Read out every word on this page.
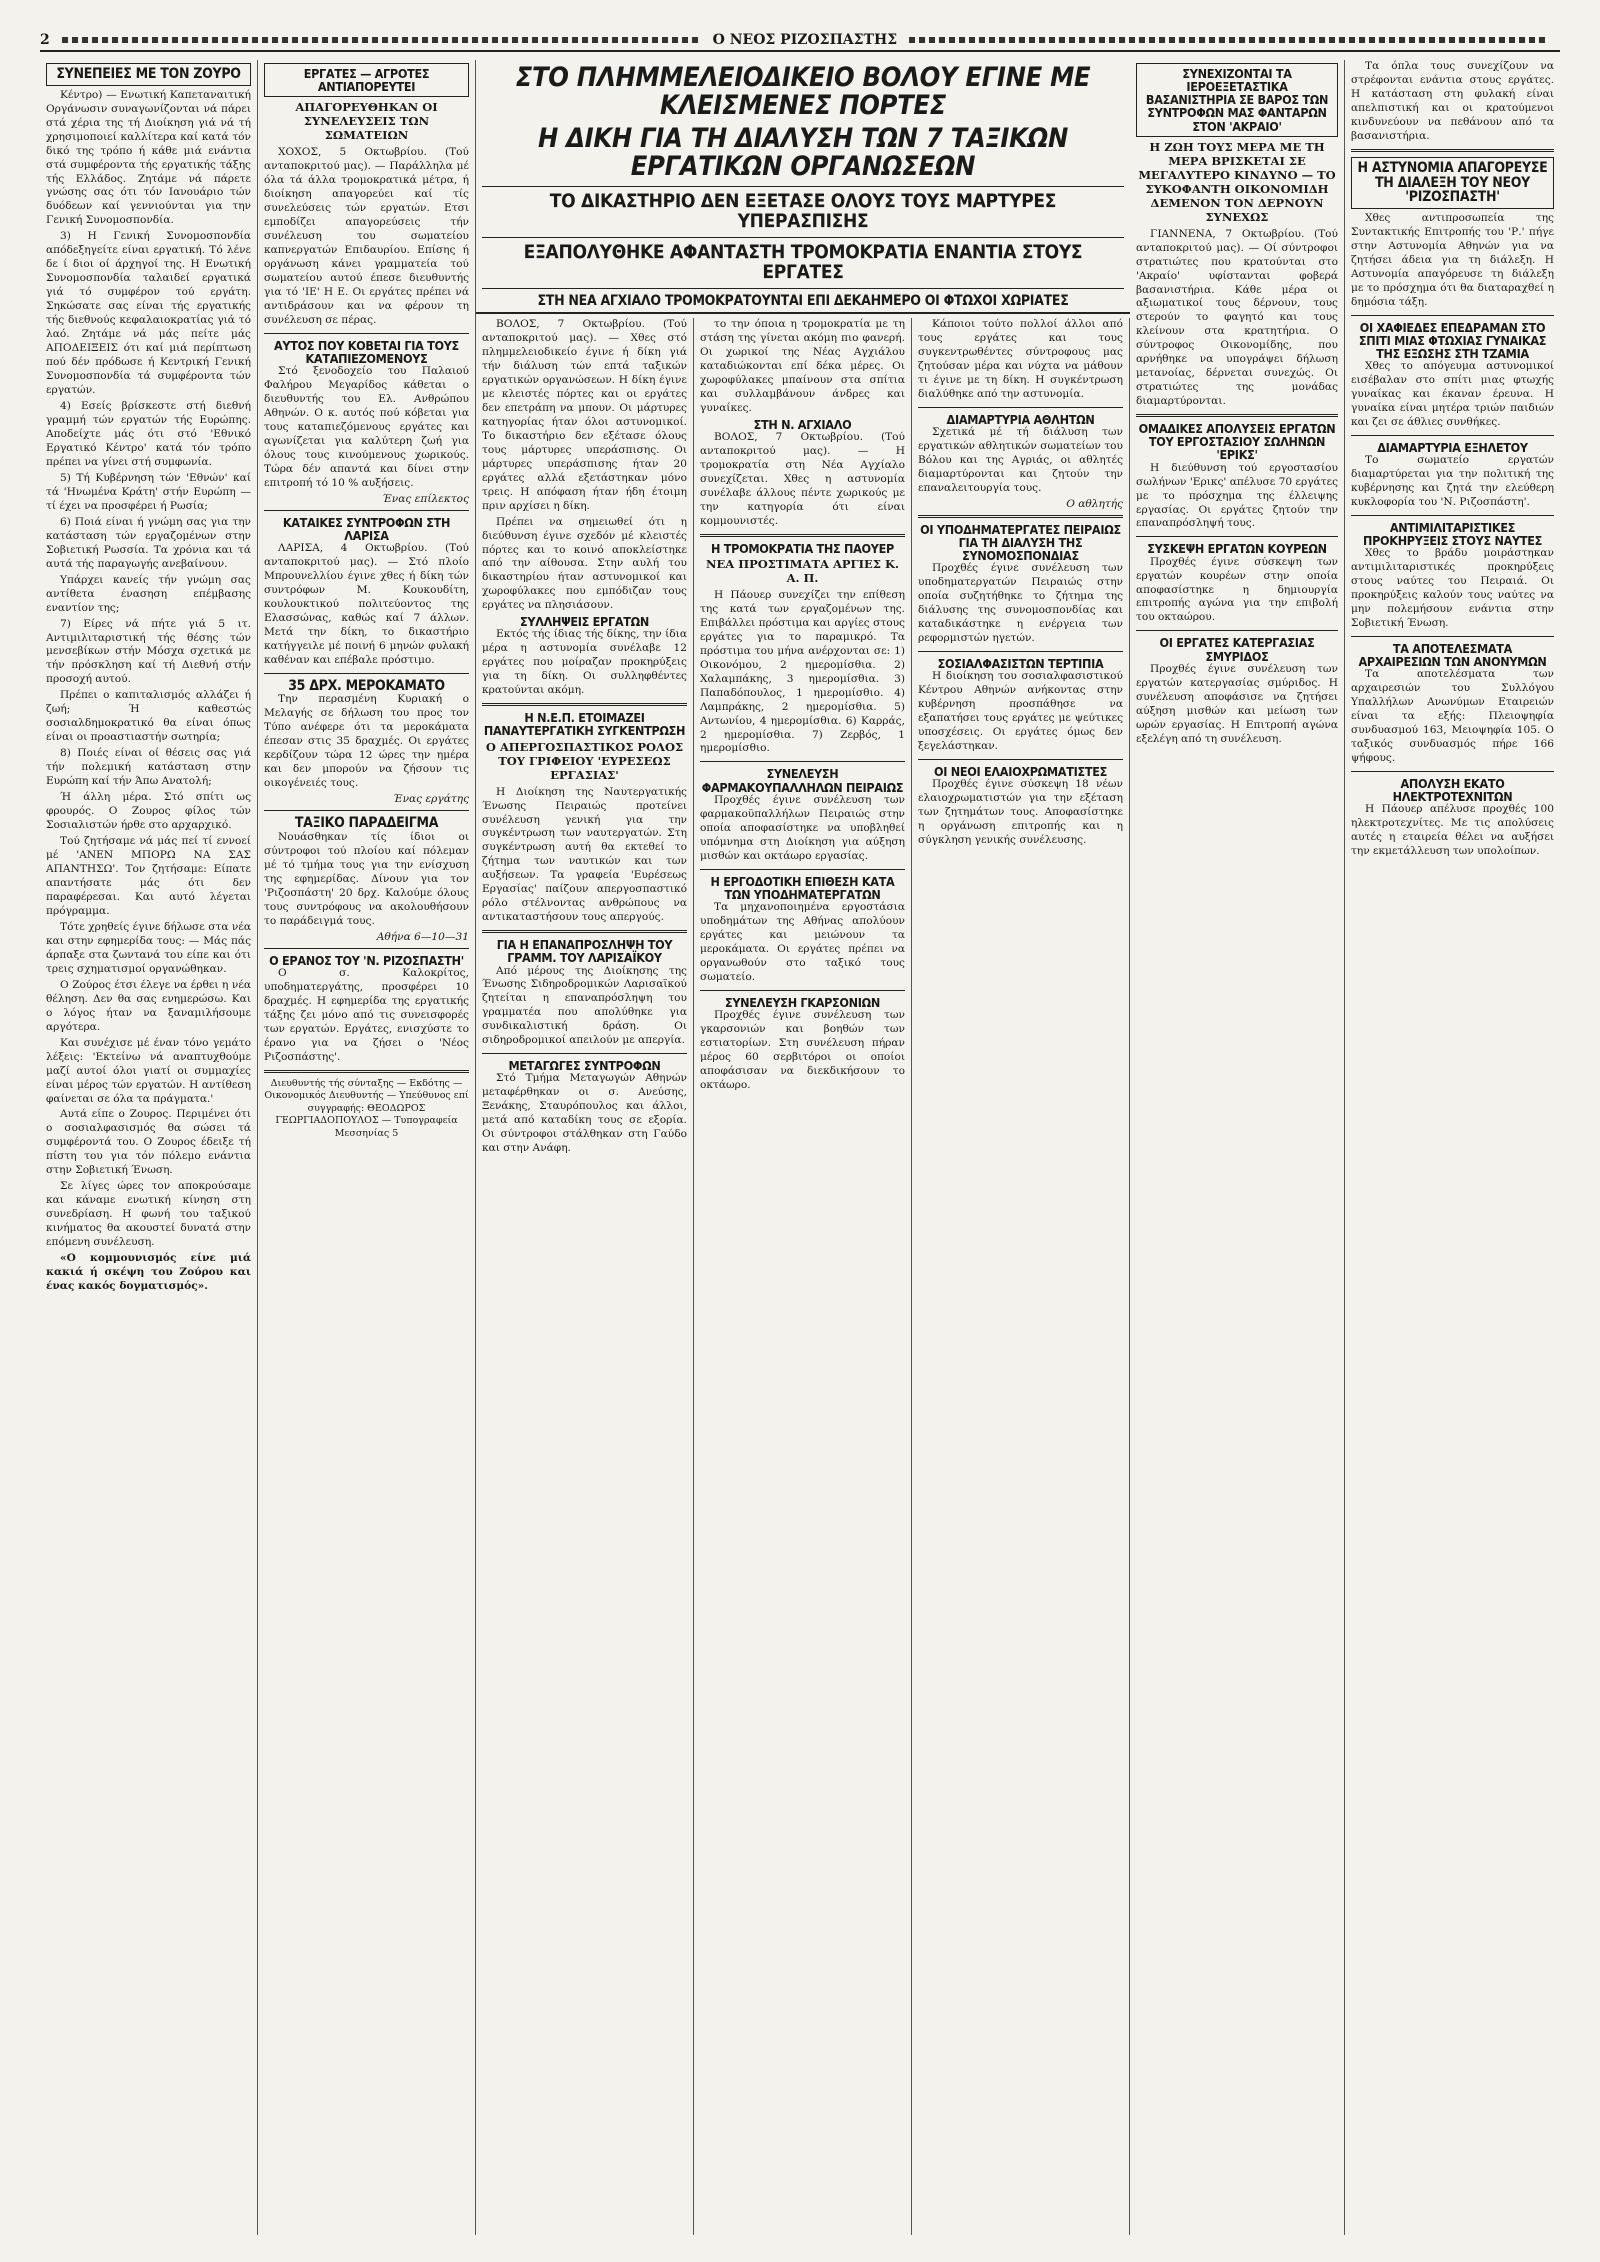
2	Ο ΝΕΟΣ ΡΙΖΟΣΠΑΣΤΗΣ
ΣΥΝΕΠΕΙΕΣ ΜΕ ΤΟΝ ΖΟΥΡΟ

Κέντρο) — Ενωτική Καπεταναιτική Οργάνωσιν συναγωνίζονται νά πάρει στά χέρια της τή Διοίκηση γιά νά τή χρησιμοποιεί καλλίτερα καί κατά τόν δικό της τρόπο ή κάθε μιά ενάντια στά συμφέροντα τής εργατικής τάξης τής Ελλάδος. Ζητάμε νά πάρετε γνώσης σας ότι τόν Ιανουάριο τών δυόδεων καί γεννιούνται για την Γενική Συνομοσπονδία.

3) Η Γενική Συνομοσπονδία απόδεξηγείτε είναι εργατική. Τό λένε δε ί διοι οί άρχηγοί της. Η Ενωτική Συνομοσπονδία ταλαιδεί εργατικά γιά τό συμφέρον τού εργάτη. Σηκώσατε σας είναι τής εργατικής τής διεθνούς κεφαλαιοκρατίας γιά τό λαό. Ζητάμε νά μάς πείτε μάς ΑΠΟΔΕΙΞΕΙΣ ότι καί μιά περίπτωση πού δέν πρόδωσε ή Κεντρική Γενική Συνομοσπονδία τά συμφέροντα τών εργατών.

4) Εσείς βρίσκεστε στή διεθνή γραμμή τών εργατών τής Ευρώπης. Αποδείχτε μάς ότι στό 'Εθνικό Εργατικό Κέντρο' κατά τόν τρόπο πρέπει να γίνει στή συμφωνία.

5) Τή Κυβέρνηση τών 'Εθνών' καί τά 'Ηνωμένα Κράτη' στήν Ευρώπη — τί έχει να προσφέρει ή Ρωσία;

6) Ποιά είναι ή γνώμη σας για την κατάσταση τών εργαζομένων στην Σοβιετική Ρωσσία. Τα χρόνια και τά αυτά τής παραγωγής ανεβαίνουν.

Υπάρχει κανείς τήν γνώμη σας αντίθετα ένασηση επέμβασης εναντίον της;

7) Είρες νά πήτε γιά 5 ιτ. Αντιμιλιταριστική τής θέσης τών μενσεβίκων στήν Μόσχα σχετικά με τήν πρόσκληση καί τή Διεθνή στήν προσοχή αυτού.

Πρέπει ο καπιταλισμός αλλάζει ή ζωή; Ή καθεστώς σοσιαλδημοκρατικό θα είναι όπως είναι οι προαστιαστήν σωτηρία;

8) Ποιές είναι οί θέσεις σας γιά τήν πολεμική κατάσταση στην Ευρώπη καί τήν Άπω Ανατολή;

Ή άλλη μέρα. Στό σπίτι ως φρουρός. Ο Ζουρος φίλος τών Σοσιαλιστών ήρθε στο αρχαρχικό.

Τού ζητήσαμε νά μάς πεί τί εννοεί μέ 'ΑΝΕΝ ΜΠΟΡΩ ΝΑ ΣΑΣ ΑΠΑΝΤΗΣΩ'. Τον ζητήσαμε: Είπατε απαντήσατε μάς ότι δεν παραφέρεσαι. Και αυτό λέγεται πρόγραμμα.

Τότε χρηθείς έγινε δήλωσε στα νέα και στην εφημερίδα τους: — Μάς πάς άρπαξε στα ζωντανά του είπε και ότι τρεις σχηματισμοί οργανώθηκαν.

Ο Ζούρος έτσι έλεγε να έρθει η νέα θέληση. Δεν θα σας ενημερώσω. Και ο λόγος ήταν να ξαναμιλήσουμε αργότερα.

Και συνέχισε μέ έναν τόνο γεμάτο λέξεις: 'Εκτείνω νά αναπτυχθούμε μαζί αυτοί όλοι γιατί οι συμμαχίες είναι μέρος τών εργατών. Η αντίθεση φαίνεται σε όλα τα πράγματα.'

Αυτά είπε ο Ζουρος. Περιμένει ότι ο σοσιαλφασισμός θα σώσει τά συμφέροντά του. Ο Ζουρος έδειξε τή πίστη του για τόν πόλεμο ενάντια στην Σοβιετική Ένωση.

Σε λίγες ώρες τον αποκρούσαμε και κάναμε ενωτική κίνηση στη συνεδρίαση. Η φωνή του ταξικού κινήματος θα ακουστεί δυνατά στην επόμενη συνέλευση.

«Ο κομμουνισμός είνε μιά κακιά ή σκέψη του Ζούρου και ένας κακός δογματισμός».

ΕΡΓΑΤΕΣ — ΑΓΡΟΤΕΣ ΑΝΤΙΑΠΟΡΕΥΤΕΙ
ΑΠΑΓΟΡΕΥΘΗΚΑΝ ΟΙ ΣΥΝΕΛΕΥΣΕΙΣ ΤΩΝ ΣΩΜΑΤΕΙΩΝ

ΧΟΧΟΣ, 5 Οκτωβρίου. (Τού ανταποκριτού μας). — Παράλληλα μέ όλα τά άλλα τρομοκρατικά μέτρα, ή διοίκηση απαγορεύει καί τίς συνελεύσεις τών εργατών. Ετσι εμποδίζει απαγορεύσεις τήν συνέλευση του σωματείου καπνεργατών Επιδαυρίου. Επίσης ή οργάνωση κάνει γραμματεία τού σωματείου αυτού έπεσε διευθυντής για τό 'ΙΕ' Η Ε. Οι εργάτες πρέπει νά αντιδράσουν και να φέρουν τη συνέλευση σε πέρας.

ΑΥΤΟΣ ΠΟΥ ΚΟΒΕΤΑΙ ΓΙΑ ΤΟΥΣ ΚΑΤΑΠΙΕΖΟΜΕΝΟΥΣ

Στό ξενοδοχείο του Παλαιού Φαλήρου Μεγαρίδος κάθεται ο διευθυντής του Ελ. Ανθρώπου Αθηνών. Ο κ. αυτός πού κόβεται για τους καταπιεζόμενους εργάτες και αγωνίζεται για καλύτερη ζωή για όλους τους κινούμενους χωρικούς. Τώρα δέν απαντά και δίνει στην επιτροπή τό 10 % αυξήσεις.

Ένας επίλεκτος
ΚΑΤΑΙΚΕΣ ΣΥΝΤΡΟΦΩΝ ΣΤΗ ΛΑΡΙΣΑ

ΛΑΡΙΣΑ, 4 Οκτωβρίου. (Τού ανταποκριτού μας). — Στό πλοίο Μπρουνελλίου έγινε χθες ή δίκη τών συντρόφων Μ. Κουκουδίτη, κουλουκτικού πολιτεύοντος της Ελασσώνας, καθώς καί 7 άλλων. Μετά την δίκη, το δικαστήριο κατήγγειλε μέ ποινή 6 μηνών φυλακή καθέναν και επέβαλε πρόστιμο.

35 ΔΡΧ. ΜΕΡΟΚΑΜΑΤΟ

Την περασμένη Κυριακή ο Μελαγής σε δήλωση του προς τον Τύπο ανέφερε ότι τα μεροκάματα έπεσαν στις 35 δραχμές. Οι εργάτες κερδίζουν τώρα 12 ώρες την ημέρα και δεν μπορούν να ζήσουν τις οικογένειές τους.

Ένας εργάτης
ΤΑΞΙΚΟ ΠΑΡΑΔΕΙΓΜΑ

Νουάσθηκαν τίς ίδιοι οι σύντροφοι τού πλοίου καί πόλεμαν μέ τό τμήμα τους για την ενίσχυση της εφημερίδας. Δίνουν για τον 'Ριζοσπάστη' 20 δρχ. Καλούμε όλους τους συντρόφους να ακολουθήσουν το παράδειγμά τους.

Αθήνα 6—10—31
Ο ΕΡΑΝΟΣ ΤΟΥ 'Ν. ΡΙΖΟΣΠΑΣΤΗ'

Ο σ. Καλοκρίτος, υποδηματεργάτης, προσφέρει 10 δραχμές. Η εφημερίδα της εργατικής τάξης ζει μόνο από τις συνεισφορές των εργατών. Εργάτες, ενισχύστε το έρανο για να ζήσει ο 'Νέος Ριζοσπάστης'.

Διευθυντής τής σύνταξης — Εκδότης — Οικονομικός Διευθυντής — Υπεύθυνος επί συγγραφής: ΘΕΟΔΩΡΟΣ ΓΕΩΡΓΙΑΔΟΠΟΥΛΟΣ — Τυπογραφεία Μεσσηνίας 5
ΣΤΟ ΠΛΗΜΜΕΛΕΙΟΔΙΚΕΙΟ ΒΟΛΟΥ ΕΓΙΝΕ ΜΕ ΚΛΕΙΣΜΕΝΕΣ ΠΟΡΤΕΣ
Η ΔΙΚΗ ΓΙΑ ΤΗ ΔΙΑΛΥΣΗ ΤΩΝ 7 ΤΑΞΙΚΩΝ ΕΡΓΑΤΙΚΩΝ ΟΡΓΑΝΩΣΕΩΝ
ΤΟ ΔΙΚΑΣΤΗΡΙΟ ΔΕΝ ΕΞΕΤΑΣΕ ΟΛΟΥΣ ΤΟΥΣ ΜΑΡΤΥΡΕΣ ΥΠΕΡΑΣΠΙΣΗΣ
ΕΞΑΠΟΛΥΘΗΚΕ ΑΦΑΝΤΑΣΤΗ ΤΡΟΜΟΚΡΑΤΙΑ ΕΝΑΝΤΙΑ ΣΤΟΥΣ ΕΡΓΑΤΕΣ
ΣΤΗ ΝΕΑ ΑΓΧΙΑΛΟ ΤΡΟΜΟΚΡΑΤΟΥΝΤΑΙ ΕΠΙ ΔΕΚΑΗΜΕΡΟ ΟΙ ΦΤΩΧΟΙ ΧΩΡΙΑΤΕΣ

ΒΟΛΟΣ, 7 Οκτωβρίου. (Τού ανταποκριτού μας). — Χθες στό πλημμελειοδικείο έγινε ή δίκη γιά τήν διάλυση τών επτά ταξικών εργατικών οργανώσεων. Η δίκη έγινε με κλειστές πόρτες και οι εργάτες δεν επετράπη να μπουν. Οι μάρτυρες κατηγορίας ήταν όλοι αστυνομικοί. Το δικαστήριο δεν εξέτασε όλους τους μάρτυρες υπεράσπισης. Οι μάρτυρες υπεράσπισης ήταν 20 εργάτες αλλά εξετάστηκαν μόνο τρεις. Η απόφαση ήταν ήδη έτοιμη πριν αρχίσει η δίκη.

Πρέπει να σημειωθεί ότι η διεύθυνση έγινε σχεδόν μέ κλειστές πόρτες και το κοινό αποκλείστηκε από την αίθουσα. Στην αυλή του δικαστηρίου ήταν αστυνομικοί και χωροφύλακες που εμπόδιζαν τους εργάτες να πλησιάσουν.

ΣΥΛΛΗΨΕΙΣ ΕΡΓΑΤΩΝ

Εκτός τής ίδιας τής δίκης, την ίδια μέρα η αστυνομία συνέλαβε 12 εργάτες που μοίραζαν προκηρύξεις για τη δίκη. Οι συλληφθέντες κρατούνται ακόμη.

Η Ν.Ε.Π. ΕΤΟΙΜΑΖΕΙ ΠΑΝΑΥΤΕΡΓΑΤΙΚΗ ΣΥΓΚΕΝΤΡΩΣΗ
Ο ΑΠΕΡΓΟΣΠΑΣΤΙΚΟΣ ΡΟΛΟΣ ΤΟΥ ΓΡΙΦΕΙΟΥ 'ΕΥΡΕΣΕΩΣ ΕΡΓΑΣΙΑΣ'

Η Διοίκηση της Ναυτεργατικής Ένωσης Πειραιώς προτείνει συνέλευση γενική για την συγκέντρωση των ναυτεργατών. Στη συγκέντρωση αυτή θα εκτεθεί το ζήτημα των ναυτικών και των αυξήσεων. Τα γραφεία 'Ευρέσεως Εργασίας' παίζουν απεργοσπαστικό ρόλο στέλνοντας ανθρώπους να αντικαταστήσουν τους απεργούς.

ΓΙΑ Η ΕΠΑΝΑΠΡΟΣΛΗΨΗ ΤΟΥ ΓΡΑΜΜ. ΤΟΥ ΛΑΡΙΣΑΪΚΟΥ

Από μέρους της Διοίκησης της Ένωσης Σιδηροδρομικών Λαρισαϊκού ζητείται η επαναπρόσληψη του γραμματέα που απολύθηκε για συνδικαλιστική δράση. Οι σιδηροδρομικοί απειλούν με απεργία.

ΜΕΤΑΓΩΓΕΣ ΣΥΝΤΡΟΦΩΝ

Στό Τμήμα Μεταγωγών Αθηνών μεταφέρθηκαν οι σ. Ανεύσης, Ξενάκης, Σταυρόπουλος και άλλοι, μετά από καταδίκη τους σε εξορία. Οι σύντροφοι στάλθηκαν στη Γαύδο και στην Ανάφη.

το την όποια η τρομοκρατία με τη στάση της γίνεται ακόμη πιο φανερή. Οι χωρικοί της Νέας Αγχιάλου καταδιώκονται επί δέκα μέρες. Οι χωροφύλακες μπαίνουν στα σπίτια και συλλαμβάνουν άνδρες και γυναίκες.

ΣΤΗ Ν. ΑΓΧΙΑΛΟ

ΒΟΛΟΣ, 7 Οκτωβρίου. (Τού ανταποκριτού μας). — Η τρομοκρατία στη Νέα Αγχίαλο συνεχίζεται. Χθες η αστυνομία συνέλαβε άλλους πέντε χωρικούς με την κατηγορία ότι είναι κομμουνιστές.

Η ΤΡΟΜΟΚΡΑΤΙΑ ΤΗΣ ΠΑΟΥΕΡ
ΝΕΑ ΠΡΟΣΤΙΜΑΤΑ ΑΡΓΙΕΣ Κ. Α. Π.

Η Πάουερ συνεχίζει την επίθεση της κατά των εργαζομένων της. Επιβάλλει πρόστιμα και αργίες στους εργάτες για το παραμικρό. Τα πρόστιμα του μήνα ανέρχονται σε: 1) Οικονόμου, 2 ημερομίσθια. 2) Χαλαμπάκης, 3 ημερομίσθια. 3) Παπαδόπουλος, 1 ημερομίσθιο. 4) Λαμπράκης, 2 ημερομίσθια. 5) Αντωνίου, 4 ημερομίσθια. 6) Καρράς, 2 ημερομίσθια. 7) Ζερβός, 1 ημερομίσθιο.

ΣΥΝΕΛΕΥΣΗ ΦΑΡΜΑΚΟΥΠΑΛΛΗΛΩΝ ΠΕΙΡΑΙΩΣ

Προχθές έγινε συνέλευση των φαρμακοϋπαλλήλων Πειραιώς στην οποία αποφασίστηκε να υποβληθεί υπόμνημα στη Διοίκηση για αύξηση μισθών και οκτάωρο εργασίας.

Η ΕΡΓΟΔΟΤΙΚΗ ΕΠΙΘΕΣΗ ΚΑΤΑ ΤΩΝ ΥΠΟΔΗΜΑΤΕΡΓΑΤΩΝ

Τα μηχανοποιημένα εργοστάσια υποδημάτων της Αθήνας απολύουν εργάτες και μειώνουν τα μεροκάματα. Οι εργάτες πρέπει να οργανωθούν στο ταξικό τους σωματείο.

ΣΥΝΕΛΕΥΣΗ ΓΚΑΡΣΟΝΙΩΝ

Προχθές έγινε συνέλευση των γκαρσονιών και βοηθών των εστιατορίων. Στη συνέλευση πήραν μέρος 60 σερβιτόροι οι οποίοι αποφάσισαν να διεκδικήσουν το οκτάωρο.

Κάποιοι τούτο πολλοί άλλοι από τους εργάτες και τους συγκεντρωθέντες σύντροφους μας ζητούσαν μέρα και νύχτα να μάθουν τι έγινε με τη δίκη. Η συγκέντρωση διαλύθηκε από την αστυνομία.

ΔΙΑΜΑΡΤΥΡΙΑ ΑΘΛΗΤΩΝ

Σχετικά μέ τή διάλυση των εργατικών αθλητικών σωματείων του Βόλου και της Αγριάς, οι αθλητές διαμαρτύρονται και ζητούν την επαναλειτουργία τους.

Ο αθλητής
ΟΙ ΥΠΟΔΗΜΑΤΕΡΓΑΤΕΣ ΠΕΙΡΑΙΩΣ ΓΙΑ ΤΗ ΔΙΑΛΥΣΗ ΤΗΣ ΣΥΝΟΜΟΣΠΟΝΔΙΑΣ

Προχθές έγινε συνέλευση των υποδηματεργατών Πειραιώς στην οποία συζητήθηκε το ζήτημα της διάλυσης της συνομοσπονδίας και καταδικάστηκε η ενέργεια των ρεφορμιστών ηγετών.

ΣΟΣΙΑΛΦΑΣΙΣΤΩΝ ΤΕΡΤΙΠΙΑ

Η διοίκηση του σοσιαλφασιστικού Κέντρου Αθηνών ανήκοντας στην κυβέρνηση προσπάθησε να εξαπατήσει τους εργάτες με ψεύτικες υποσχέσεις. Οι εργάτες όμως δεν ξεγελάστηκαν.

ΟΙ ΝΕΟΙ ΕΛΑΙΟΧΡΩΜΑΤΙΣΤΕΣ

Προχθές έγινε σύσκεψη 18 νέων ελαιοχρωματιστών για την εξέταση των ζητημάτων τους. Αποφασίστηκε η οργάνωση επιτροπής και η σύγκληση γενικής συνέλευσης.

ΣΥΝΕΧΙΖΟΝΤΑΙ ΤΑ ΙΕΡΟΕΞΕΤΑΣΤΙΚΑ ΒΑΣΑΝΙΣΤΗΡΙΑ ΣΕ ΒΑΡΟΣ ΤΩΝ ΣΥΝΤΡΟΦΩΝ ΜΑΣ ΦΑΝΤΑΡΩΝ ΣΤΟΝ 'ΑΚΡΑΙΟ'
Η ΖΩΗ ΤΟΥΣ ΜΕΡΑ ΜΕ ΤΗ ΜΕΡΑ ΒΡΙΣΚΕΤΑΙ ΣΕ ΜΕΓΑΛΥΤΕΡΟ ΚΙΝΔΥΝΟ — ΤΟ ΣΥΚΟΦΑΝΤΗ ΟΙΚΟΝΟΜΙΔΗ ΔΕΜΕΝΟΝ ΤΟΝ ΔΕΡΝΟΥΝ ΣΥΝΕΧΩΣ

ΓΙΑΝΝΕΝΑ, 7 Οκτωβρίου. (Τού ανταποκριτού μας). — Οί σύντροφοι στρατιώτες που κρατούνται στο 'Ακραίο' υφίστανται φοβερά βασανιστήρια. Κάθε μέρα οι αξιωματικοί τους δέρνουν, τους στερούν το φαγητό και τους κλείνουν στα κρατητήρια. Ο σύντροφος Οικονομίδης, που αρνήθηκε να υπογράψει δήλωση μετανοίας, δέρνεται συνεχώς. Οι στρατιώτες της μονάδας διαμαρτύρονται.

ΟΜΑΔΙΚΕΣ ΑΠΟΛΥΣΕΙΣ ΕΡΓΑΤΩΝ ΤΟΥ ΕΡΓΟΣΤΑΣΙΟΥ ΣΩΛΗΝΩΝ 'ΕΡΙΚΣ'

Η διεύθυνση τού εργοστασίου σωλήνων 'Ερικς' απέλυσε 70 εργάτες με το πρόσχημα της έλλειψης εργασίας. Οι εργάτες ζητούν την επαναπρόσληψή τους.

ΣΥΣΚΕΨΗ ΕΡΓΑΤΩΝ ΚΟΥΡΕΩΝ

Προχθές έγινε σύσκεψη των εργατών κουρέων στην οποία αποφασίστηκε η δημιουργία επιτροπής αγώνα για την επιβολή του οκταώρου.

ΟΙ ΕΡΓΑΤΕΣ ΚΑΤΕΡΓΑΣΙΑΣ ΣΜΥΡΙΔΟΣ

Προχθές έγινε συνέλευση των εργατών κατεργασίας σμύριδος. Η συνέλευση αποφάσισε να ζητήσει αύξηση μισθών και μείωση των ωρών εργασίας. Η Επιτροπή αγώνα εξελέγη από τη συνέλευση.

Τα όπλα τους συνεχίζουν να στρέφονται ενάντια στους εργάτες. Η κατάσταση στη φυλακή είναι απελπιστική και οι κρατούμενοι κινδυνεύουν να πεθάνουν από τα βασανιστήρια.

Η ΑΣΤΥΝΟΜΙΑ ΑΠΑΓΟΡΕΥΣΕ ΤΗ ΔΙΑΛΕΞΗ ΤΟΥ ΝΕΟΥ 'ΡΙΖΟΣΠΑΣΤΗ'

Χθες αντιπροσωπεία της Συντακτικής Επιτροπής του 'Ρ.' πήγε στην Αστυνομία Αθηνών για να ζητήσει άδεια για τη διάλεξη. Η Αστυνομία απαγόρευσε τη διάλεξη με το πρόσχημα ότι θα διαταραχθεί η δημόσια τάξη.

ΟΙ ΧΑΦΙΕΔΕΣ ΕΠΕΔΡΑΜΑΝ ΣΤΟ ΣΠΙΤΙ ΜΙΑΣ ΦΤΩΧΙΑΣ ΓΥΝΑΙΚΑΣ ΤΗΣ ΕΞΩΣΗΣ ΣΤΗ ΤΖΑΜΙΑ

Χθες το απόγευμα αστυνομικοί εισέβαλαν στο σπίτι μιας φτωχής γυναίκας και έκαναν έρευνα. Η γυναίκα είναι μητέρα τριών παιδιών και ζει σε άθλιες συνθήκες.

ΔΙΑΜΑΡΤΥΡΙΑ ΕΞΗΛΕΤΟΥ

Το σωματείο εργατών διαμαρτύρεται για την πολιτική της κυβέρνησης και ζητά την ελεύθερη κυκλοφορία του 'Ν. Ριζοσπάστη'.

ΑΝΤΙΜΙΛΙΤΑΡΙΣΤΙΚΕΣ ΠΡΟΚΗΡΥΞΕΙΣ ΣΤΟΥΣ ΝΑΥΤΕΣ

Χθες το βράδυ μοιράστηκαν αντιμιλιταριστικές προκηρύξεις στους ναύτες του Πειραιά. Οι προκηρύξεις καλούν τους ναύτες να μην πολεμήσουν ενάντια στην Σοβιετική Ένωση.

ΤΑ ΑΠΟΤΕΛΕΣΜΑΤΑ ΑΡΧΑΙΡΕΣΙΩΝ ΤΩΝ ΑΝΟΝΥΜΩΝ

Τα αποτελέσματα των αρχαιρεσιών του Συλλόγου Υπαλλήλων Ανωνύμων Εταιρειών είναι τα εξής: Πλειοψηφία συνδυασμού 163, Μειοψηφία 105. Ο ταξικός συνδυασμός πήρε 166 ψήφους.

ΑΠΟΛΥΣΗ ΕΚΑΤΟ ΗΛΕΚΤΡΟΤΕΧΝΙΤΩΝ

Η Πάουερ απέλυσε προχθές 100 ηλεκτροτεχνίτες. Με τις απολύσεις αυτές η εταιρεία θέλει να αυξήσει την εκμετάλλευση των υπολοίπων.
